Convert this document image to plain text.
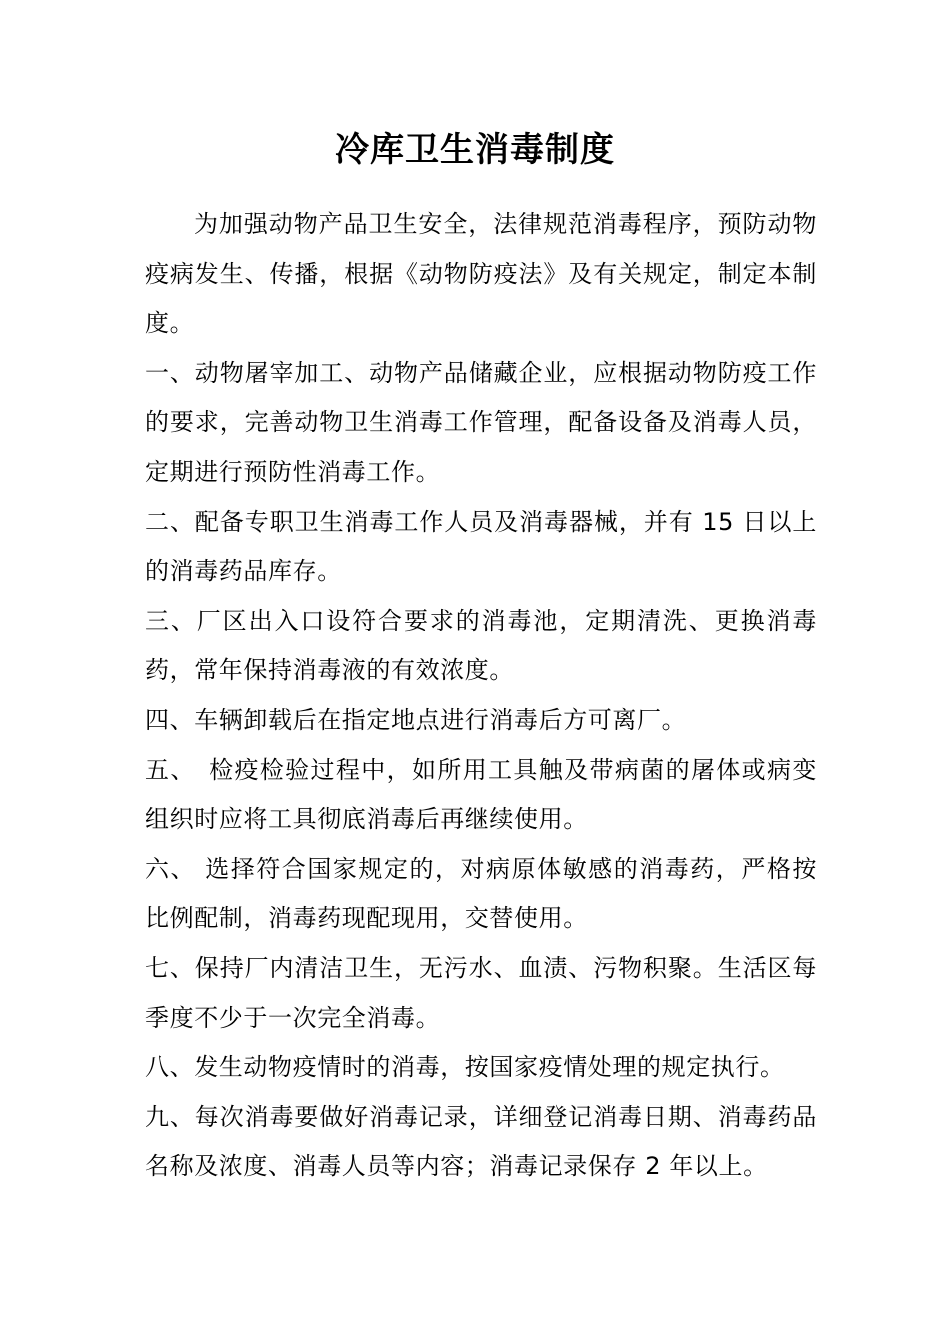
冷库卫生消毒制度

为加强动物产品卫生安全，法律规范消毒程序，预防动物疫病发生、传播，根据《动物防疫法》及有关规定，制定本制度。

一、动物屠宰加工、动物产品储藏企业，应根据动物防疫工作的要求，完善动物卫生消毒工作管理，配备设备及消毒人员，定期进行预防性消毒工作。

二、配备专职卫生消毒工作人员及消毒器械，并有 15 日以上的消毒药品库存。

三、厂区出入口设符合要求的消毒池，定期清洗、更换消毒药，常年保持消毒液的有效浓度。

四、车辆卸载后在指定地点进行消毒后方可离厂。

五、　检疫检验过程中，如所用工具触及带病菌的屠体或病变组织时应将工具彻底消毒后再继续使用。

六、 选择符合国家规定的，对病原体敏感的消毒药，严格按比例配制，消毒药现配现用，交替使用。

七、保持厂内清洁卫生，无污水、血渍、污物积聚。生活区每季度不少于一次完全消毒。

八、发生动物疫情时的消毒，按国家疫情处理的规定执行。

九、每次消毒要做好消毒记录，详细登记消毒日期、消毒药品名称及浓度、消毒人员等内容；消毒记录保存 2 年以上。
